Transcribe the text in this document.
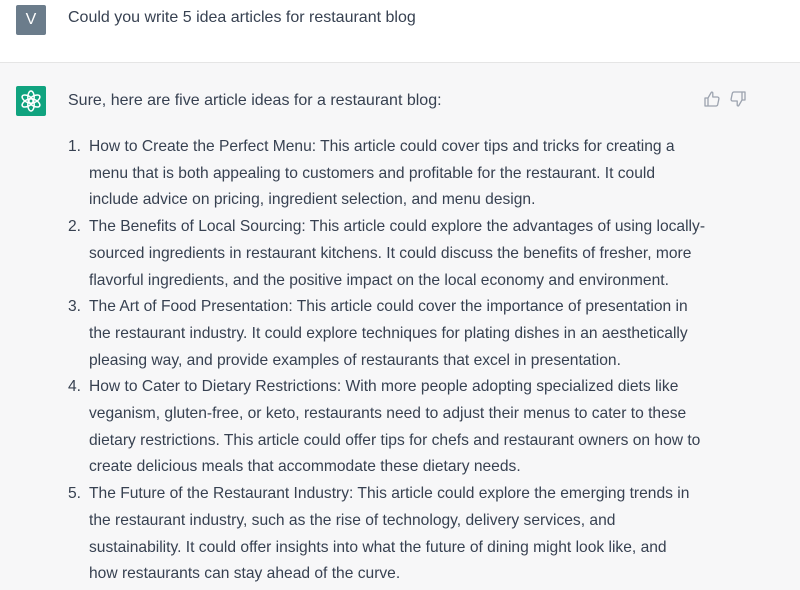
V	Could you write 5 idea articles for restaurant blog
Sure, here are five article ideas for a restaurant blog:
1. How to Create the Perfect Menu: This article could cover tips and tricks for creating a
menu that is both appealing to customers and profitable for the restaurant. It could
include advice on pricing, ingredient selection, and menu design.
2. The Benefits of Local Sourcing: This article could explore the advantages of using locally-
sourced ingredients in restaurant kitchens. It could discuss the benefits of fresher, more
flavorful ingredients, and the positive impact on the local economy and environment.
3. The Art of Food Presentation: This article could cover the importance of presentation in
the restaurant industry. It could explore techniques for plating dishes in an aesthetically
pleasing way, and provide examples of restaurants that excel in presentation.
4. How to Cater to Dietary Restrictions: With more people adopting specialized diets like
veganism, gluten-free, or keto, restaurants need to adjust their menus to cater to these
dietary restrictions. This article could offer tips for chefs and restaurant owners on how to
create delicious meals that accommodate these dietary needs.
5. The Future of the Restaurant Industry: This article could explore the emerging trends in
the restaurant industry, such as the rise of technology, delivery services, and
sustainability. It could offer insights into what the future of dining might look like, and
how restaurants can stay ahead of the curve.
